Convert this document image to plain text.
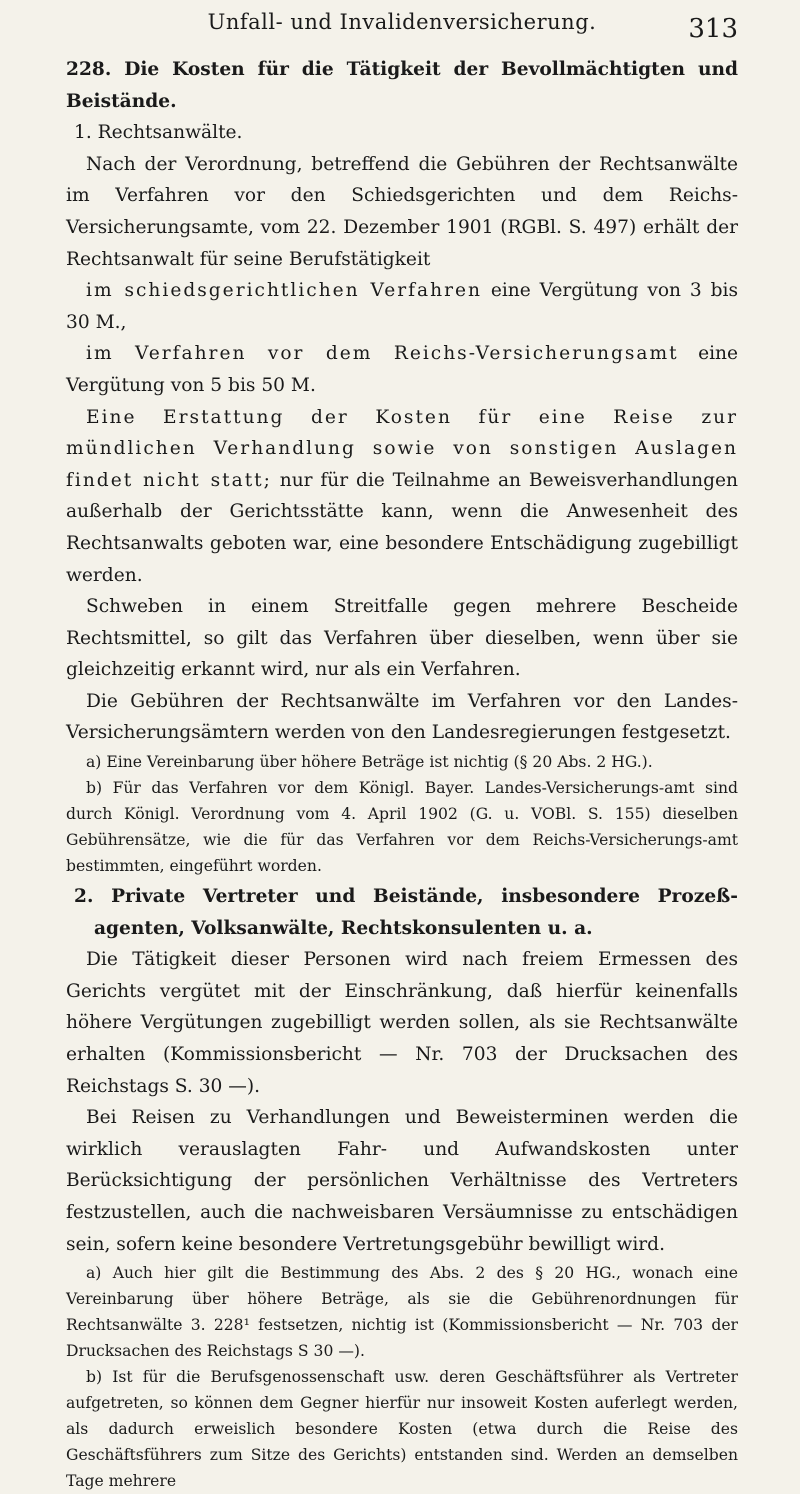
Unfall- und Invalidenversicherung.	313

228. Die Kosten für die Tätigkeit der Bevollmächtigten und Beistände.

1. Rechtsanwälte.

Nach der Verordnung, betreffend die Gebühren der Rechtsanwälte im Verfahren vor den Schiedsgerichten und dem Reichs-Versicherungsamte, vom 22. Dezember 1901 (RGBl. S. 497) erhält der Rechtsanwalt für seine Berufstätigkeit

im schiedsgerichtlichen Verfahren eine Vergütung von 3 bis 30 M.,

im Verfahren vor dem Reichs-Versicherungsamt eine Vergütung von 5 bis 50 M.

Eine Erstattung der Kosten für eine Reise zur mündlichen Verhandlung sowie von sonstigen Auslagen findet nicht statt; nur für die Teilnahme an Beweisverhandlungen außerhalb der Gerichtsstätte kann, wenn die Anwesenheit des Rechtsanwalts geboten war, eine besondere Entschädigung zugebilligt werden.

Schweben in einem Streitfalle gegen mehrere Bescheide Rechtsmittel, so gilt das Verfahren über dieselben, wenn über sie gleichzeitig erkannt wird, nur als ein Verfahren.

Die Gebühren der Rechtsanwälte im Verfahren vor den Landes-Versicherungsämtern werden von den Landesregierungen festgesetzt.

a) Eine Vereinbarung über höhere Beträge ist nichtig (§ 20 Abs. 2 HG.).

b) Für das Verfahren vor dem Königl. Bayer. Landes-Versicherungs-amt sind durch Königl. Verordnung vom 4. April 1902 (G. u. VOBl. S. 155) dieselben Gebührensätze, wie die für das Verfahren vor dem Reichs-Versicherungs-amt bestimmten, eingeführt worden.

2. Private Vertreter und Beistände, insbesondere Prozeß-agenten, Volksanwälte, Rechtskonsulenten u. a.

Die Tätigkeit dieser Personen wird nach freiem Ermessen des Gerichts vergütet mit der Einschränkung, daß hierfür keinenfalls höhere Vergütungen zugebilligt werden sollen, als sie Rechtsanwälte erhalten (Kommissionsbericht — Nr. 703 der Drucksachen des Reichstags S. 30 —).

Bei Reisen zu Verhandlungen und Beweisterminen werden die wirklich verauslagten Fahr- und Aufwandskosten unter Berücksichtigung der persönlichen Verhältnisse des Vertreters festzustellen, auch die nachweisbaren Versäumnisse zu entschädigen sein, sofern keine besondere Vertretungsgebühr bewilligt wird.

a) Auch hier gilt die Bestimmung des Abs. 2 des § 20 HG., wonach eine Vereinbarung über höhere Beträge, als sie die Gebührenordnungen für Rechtsanwälte 3. 228¹ festsetzen, nichtig ist (Kommissionsbericht — Nr. 703 der Drucksachen des Reichstags S 30 —).

b) Ist für die Berufsgenossenschaft usw. deren Geschäftsführer als Vertreter aufgetreten, so können dem Gegner hierfür nur insoweit Kosten auferlegt werden, als dadurch erweislich besondere Kosten (etwa durch die Reise des Geschäftsführers zum Sitze des Gerichts) entstanden sind. Werden an demselben Tage mehrere
